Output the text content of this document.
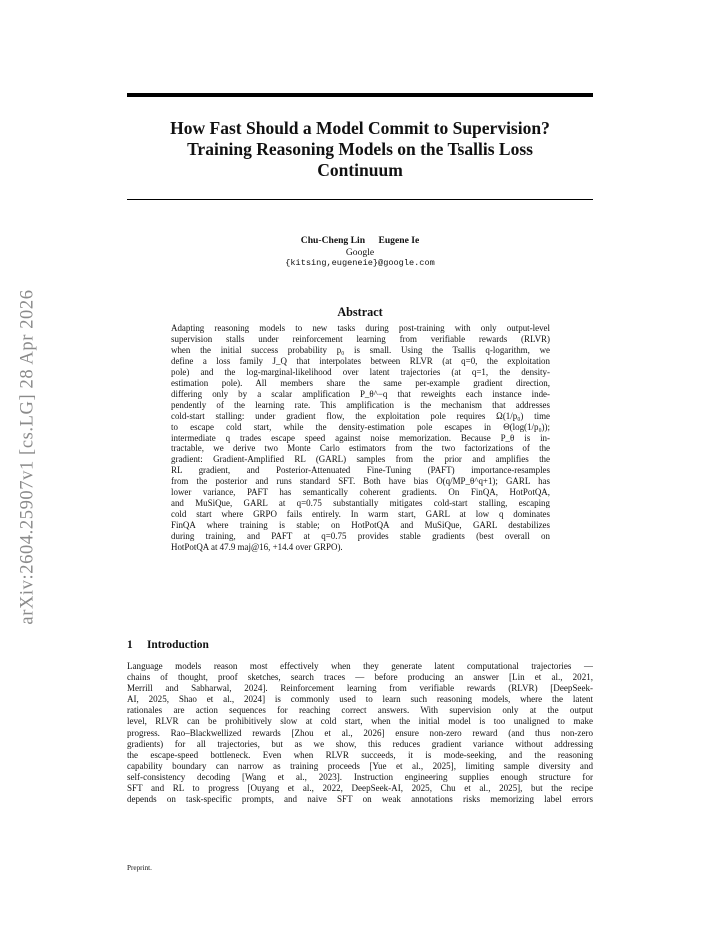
arXiv:2604.25907v1 [cs.LG] 28 Apr 2026
How Fast Should a Model Commit to Supervision?
Training Reasoning Models on the Tsallis Loss
Continuum
Chu-Cheng Lin Eugene Ie
Google
{kitsing,eugeneie}@google.com
Abstract
Adapting reasoning models to new tasks during post-training with only output-level
supervision stalls under reinforcement learning from verifiable rewards (RLVR)
when the initial success probability p₀ is small. Using the Tsallis q-logarithm, we
define a loss family J_Q that interpolates between RLVR (at q=0, the exploitation
pole) and the log-marginal-likelihood over latent trajectories (at q=1, the density-
estimation pole). All members share the same per-example gradient direction,
differing only by a scalar amplification P_θ^−q that reweights each instance inde-
pendently of the learning rate. This amplification is the mechanism that addresses
cold-start stalling: under gradient flow, the exploitation pole requires Ω(1/p₀) time
to escape cold start, while the density-estimation pole escapes in Θ(log(1/p₀));
intermediate q trades escape speed against noise memorization. Because P_θ is in-
tractable, we derive two Monte Carlo estimators from the two factorizations of the
gradient: Gradient-Amplified RL (GARL) samples from the prior and amplifies the
RL gradient, and Posterior-Attenuated Fine-Tuning (PAFT) importance-resamples
from the posterior and runs standard SFT. Both have bias O(q/MP_θ^q+1); GARL has
lower variance, PAFT has semantically coherent gradients. On FinQA, HotPotQA,
and MuSiQue, GARL at q=0.75 substantially mitigates cold-start stalling, escaping
cold start where GRPO fails entirely. In warm start, GARL at low q dominates
FinQA where training is stable; on HotPotQA and MuSiQue, GARL destabilizes
during training, and PAFT at q=0.75 provides stable gradients (best overall on
HotPotQA at 47.9 maj@16, +14.4 over GRPO).
1 Introduction
Language models reason most effectively when they generate latent computational trajectories —
chains of thought, proof sketches, search traces — before producing an answer [Lin et al., 2021,
Merrill and Sabharwal, 2024]. Reinforcement learning from verifiable rewards (RLVR) [DeepSeek-
AI, 2025, Shao et al., 2024] is commonly used to learn such reasoning models, where the latent
rationales are action sequences for reaching correct answers. With supervision only at the output
level, RLVR can be prohibitively slow at cold start, when the initial model is too unaligned to make
progress. Rao–Blackwellized rewards [Zhou et al., 2026] ensure non-zero reward (and thus non-zero
gradients) for all trajectories, but as we show, this reduces gradient variance without addressing
the escape-speed bottleneck. Even when RLVR succeeds, it is mode-seeking, and the reasoning
capability boundary can narrow as training proceeds [Yue et al., 2025], limiting sample diversity and
self-consistency decoding [Wang et al., 2023]. Instruction engineering supplies enough structure for
SFT and RL to progress [Ouyang et al., 2022, DeepSeek-AI, 2025, Chu et al., 2025], but the recipe
depends on task-specific prompts, and naive SFT on weak annotations risks memorizing label errors
Preprint.
